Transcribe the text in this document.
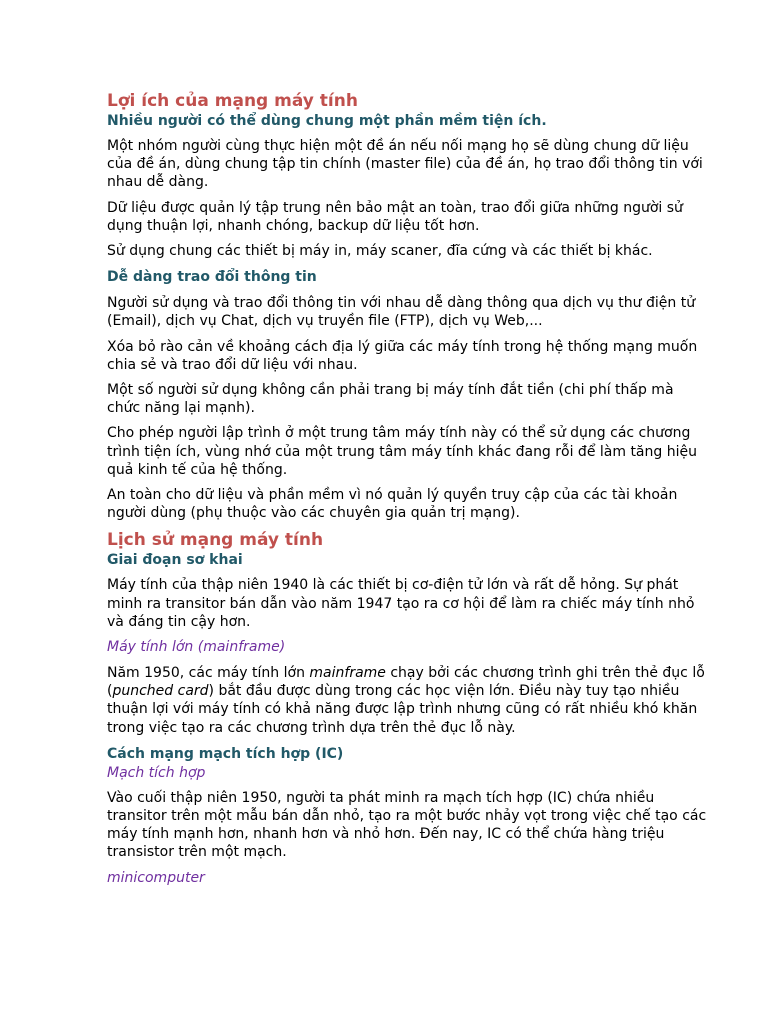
Lợi ích của mạng máy tính
Nhiều người có thể dùng chung một phần mềm tiện ích.

Một nhóm người cùng thực hiện một đề án nếu nối mạng họ sẽ dùng chung dữ liệu của đề án, dùng chung tập tin chính (master file) của đề án, họ trao đổi thông tin với nhau dễ dàng.

Dữ liệu được quản lý tập trung nên bảo mật an toàn, trao đổi giữa những người sử dụng thuận lợi, nhanh chóng, backup dữ liệu tốt hơn.

Sử dụng chung các thiết bị máy in, máy scaner, đĩa cứng và các thiết bị khác.

Dễ dàng trao đổi thông tin

Người sử dụng và trao đổi thông tin với nhau dễ dàng thông qua dịch vụ thư điện tử (Email), dịch vụ Chat, dịch vụ truyền file (FTP), dịch vụ Web,...

Xóa bỏ rào cản về khoảng cách địa lý giữa các máy tính trong hệ thống mạng muốn chia sẻ và trao đổi dữ liệu với nhau.

Một số người sử dụng không cần phải trang bị máy tính đắt tiền (chi phí thấp mà chức năng lại mạnh).

Cho phép người lập trình ở một trung tâm máy tính này có thể sử dụng các chương trình tiện ích, vùng nhớ của một trung tâm máy tính khác đang rỗi để làm tăng hiệu quả kinh tế của hệ thống.

An toàn cho dữ liệu và phần mềm vì nó quản lý quyền truy cập của các tài khoản người dùng (phụ thuộc vào các chuyên gia quản trị mạng).

Lịch sử mạng máy tính
Giai đoạn sơ khai

Máy tính của thập niên 1940 là các thiết bị cơ-điện tử lớn và rất dễ hỏng. Sự phát minh ra transitor bán dẫn vào năm 1947 tạo ra cơ hội để làm ra chiếc máy tính nhỏ và đáng tin cậy hơn.

Máy tính lớn (mainframe)

Năm 1950, các máy tính lớn mainframe chạy bởi các chương trình ghi trên thẻ đục lỗ (punched card) bắt đầu được dùng trong các học viện lớn. Điều này tuy tạo nhiều thuận lợi với máy tính có khả năng được lập trình nhưng cũng có rất nhiều khó khăn trong việc tạo ra các chương trình dựa trên thẻ đục lỗ này.

Cách mạng mạch tích hợp (IC)
Mạch tích hợp

Vào cuối thập niên 1950, người ta phát minh ra mạch tích hợp (IC) chứa nhiều transitor trên một mẫu bán dẫn nhỏ, tạo ra một bước nhảy vọt trong việc chế tạo các máy tính mạnh hơn, nhanh hơn và nhỏ hơn. Đến nay, IC có thể chứa hàng triệu transistor trên một mạch.

minicomputer
